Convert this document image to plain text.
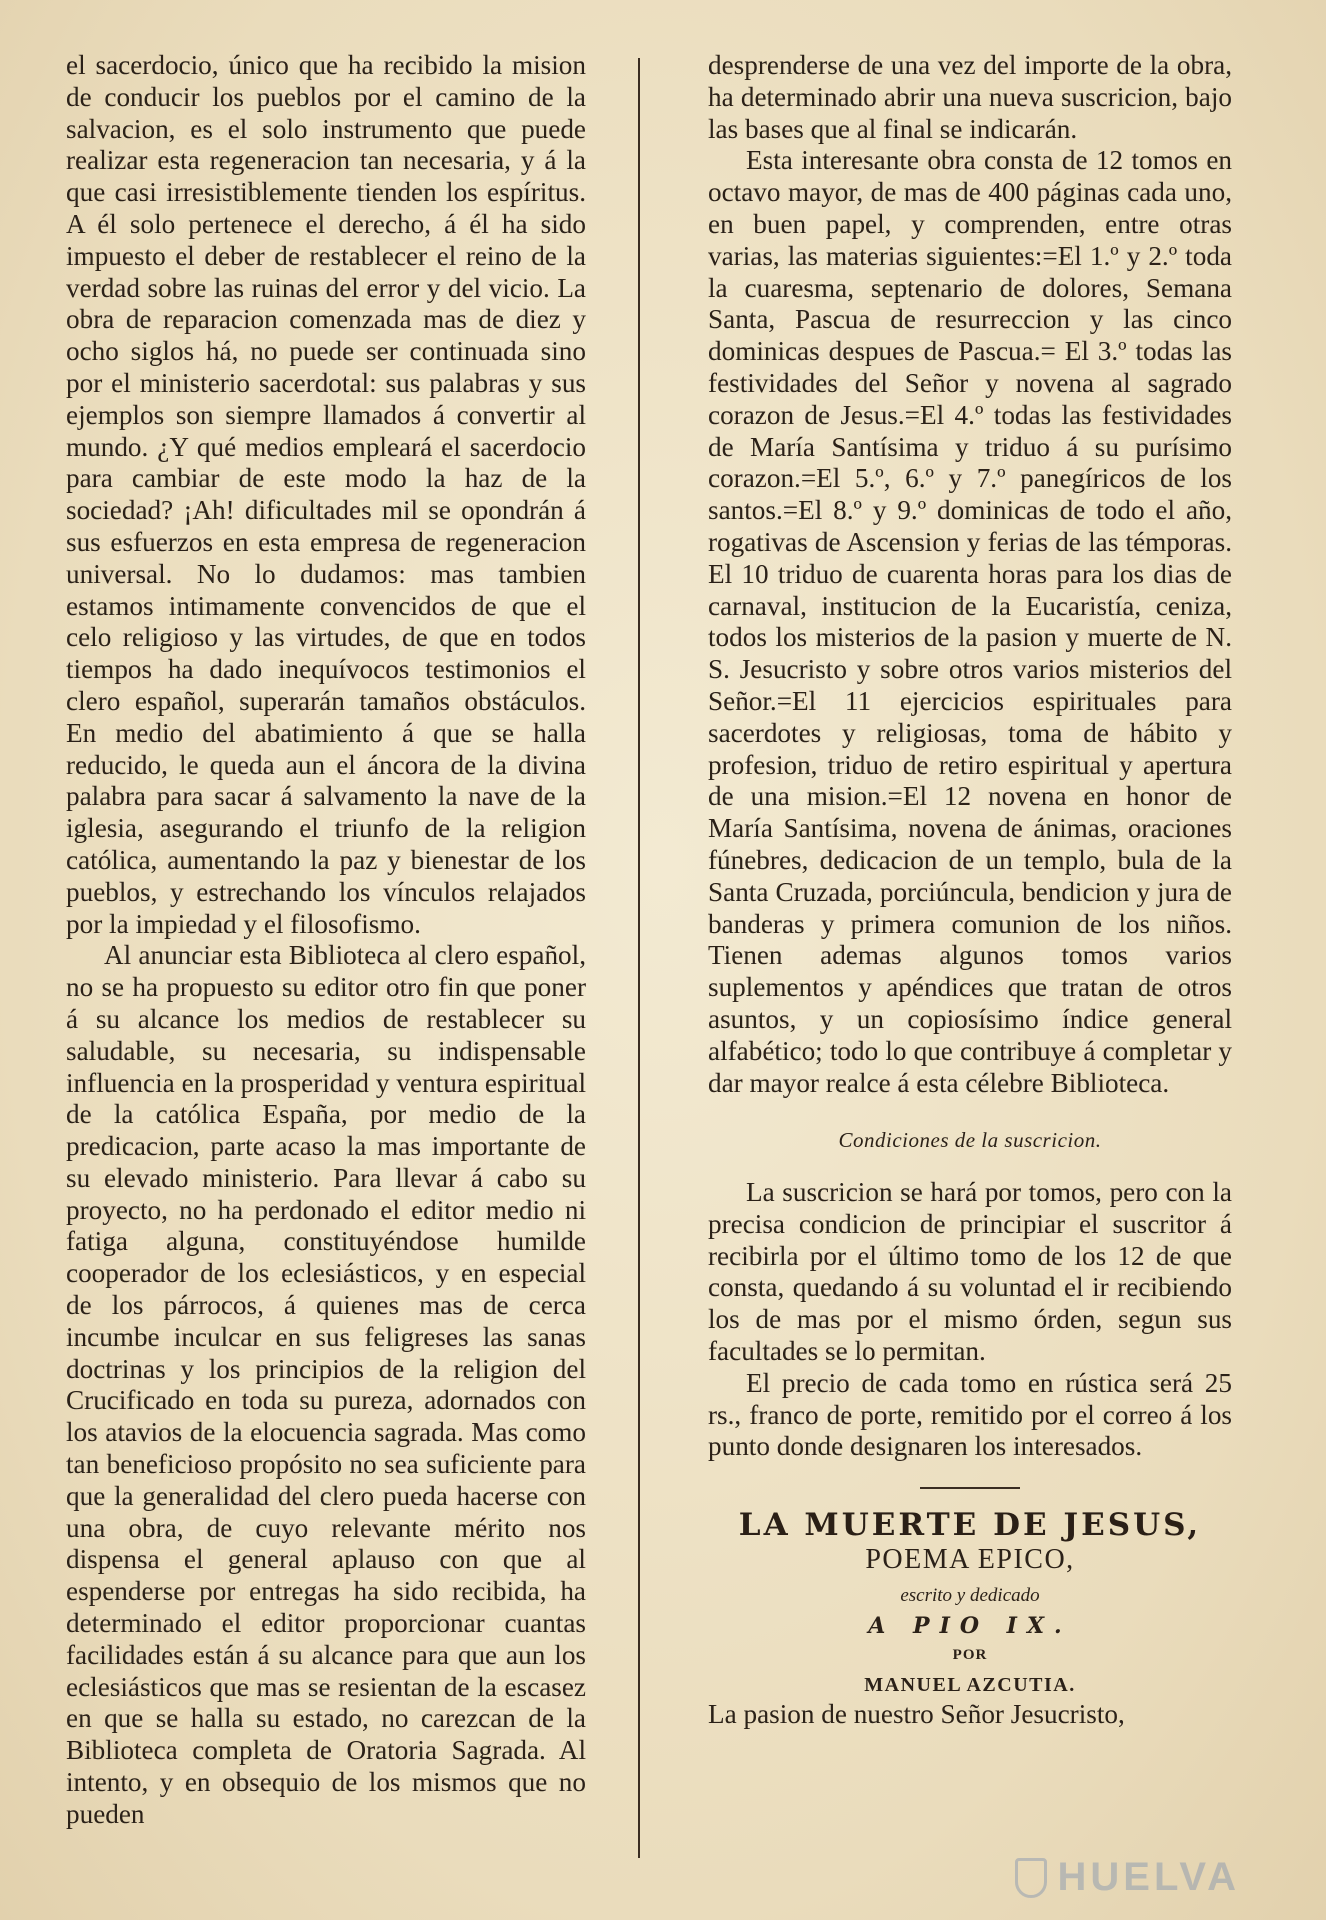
el sacerdocio, único que ha recibido la mision de conducir los pueblos por el camino de la salvacion, es el solo instrumento que puede realizar esta regeneracion tan necesaria, y á la que casi irresistiblemente tienden los espíritus. A él solo pertenece el derecho, á él ha sido impuesto el deber de restablecer el reino de la verdad sobre las ruinas del error y del vicio. La obra de reparacion comenzada mas de diez y ocho siglos há, no puede ser continuada sino por el ministerio sacerdotal: sus palabras y sus ejemplos son siempre llamados á convertir al mundo. ¿Y qué medios empleará el sacerdocio para cambiar de este modo la haz de la sociedad? ¡Ah! dificultades mil se opondrán á sus esfuerzos en esta empresa de regeneracion universal. No lo dudamos: mas tambien estamos intimamente convencidos de que el celo religioso y las virtudes, de que en todos tiempos ha dado inequívocos testimonios el clero español, superarán tamaños obstáculos. En medio del abatimiento á que se halla reducido, le queda aun el áncora de la divina palabra para sacar á salvamento la nave de la iglesia, asegurando el triunfo de la religion católica, aumentando la paz y bienestar de los pueblos, y estrechando los vínculos relajados por la impiedad y el filosofismo.

Al anunciar esta Biblioteca al clero español, no se ha propuesto su editor otro fin que poner á su alcance los medios de restablecer su saludable, su necesaria, su indispensable influencia en la prosperidad y ventura espiritual de la católica España, por medio de la predicacion, parte acaso la mas importante de su elevado ministerio. Para llevar á cabo su proyecto, no ha perdonado el editor medio ni fatiga alguna, constituyéndose humilde cooperador de los eclesiásticos, y en especial de los párrocos, á quienes mas de cerca incumbe inculcar en sus feligreses las sanas doctrinas y los principios de la religion del Crucificado en toda su pureza, adornados con los atavios de la elocuencia sagrada. Mas como tan beneficioso propósito no sea suficiente para que la generalidad del clero pueda hacerse con una obra, de cuyo relevante mérito nos dispensa el general aplauso con que al espenderse por entregas ha sido recibida, ha determinado el editor proporcionar cuantas facilidades están á su alcance para que aun los eclesiásticos que mas se resientan de la escasez en que se halla su estado, no carezcan de la Biblioteca completa de Oratoria Sagrada. Al intento, y en obsequio de los mismos que no pueden

desprenderse de una vez del importe de la obra, ha determinado abrir una nueva suscricion, bajo las bases que al final se indicarán.

Esta interesante obra consta de 12 tomos en octavo mayor, de mas de 400 páginas cada uno, en buen papel, y comprenden, entre otras varias, las materias siguientes:=El 1.º y 2.º toda la cuaresma, septenario de dolores, Semana Santa, Pascua de resurreccion y las cinco dominicas despues de Pascua.= El 3.º todas las festividades del Señor y novena al sagrado corazon de Jesus.=El 4.º todas las festividades de María Santísima y triduo á su purísimo corazon.=El 5.º, 6.º y 7.º panegíricos de los santos.=El 8.º y 9.º dominicas de todo el año, rogativas de Ascension y ferias de las témporas. El 10 triduo de cuarenta horas para los dias de carnaval, institucion de la Eucaristía, ceniza, todos los misterios de la pasion y muerte de N. S. Jesucristo y sobre otros varios misterios del Señor.=El 11 ejercicios espirituales para sacerdotes y religiosas, toma de hábito y profesion, triduo de retiro espiritual y apertura de una mision.=El 12 novena en honor de María Santísima, novena de ánimas, oraciones fúnebres, dedicacion de un templo, bula de la Santa Cruzada, porciúncula, bendicion y jura de banderas y primera comunion de los niños. Tienen ademas algunos tomos varios suplementos y apéndices que tratan de otros asuntos, y un copiosísimo índice general alfabético; todo lo que contribuye á completar y dar mayor realce á esta célebre Biblioteca.

Condiciones de la suscricion.

La suscricion se hará por tomos, pero con la precisa condicion de principiar el suscritor á recibirla por el último tomo de los 12 de que consta, quedando á su voluntad el ir recibiendo los de mas por el mismo órden, segun sus facultades se lo permitan.

El precio de cada tomo en rústica será 25 rs., franco de porte, remitido por el correo á los punto donde designaren los interesados.

LA MUERTE DE JESUS,
POEMA EPICO,
escrito y dedicado
A PIO IX.
POR
MANUEL AZCUTIA.

La pasion de nuestro Señor Jesucristo,

HUELVA
